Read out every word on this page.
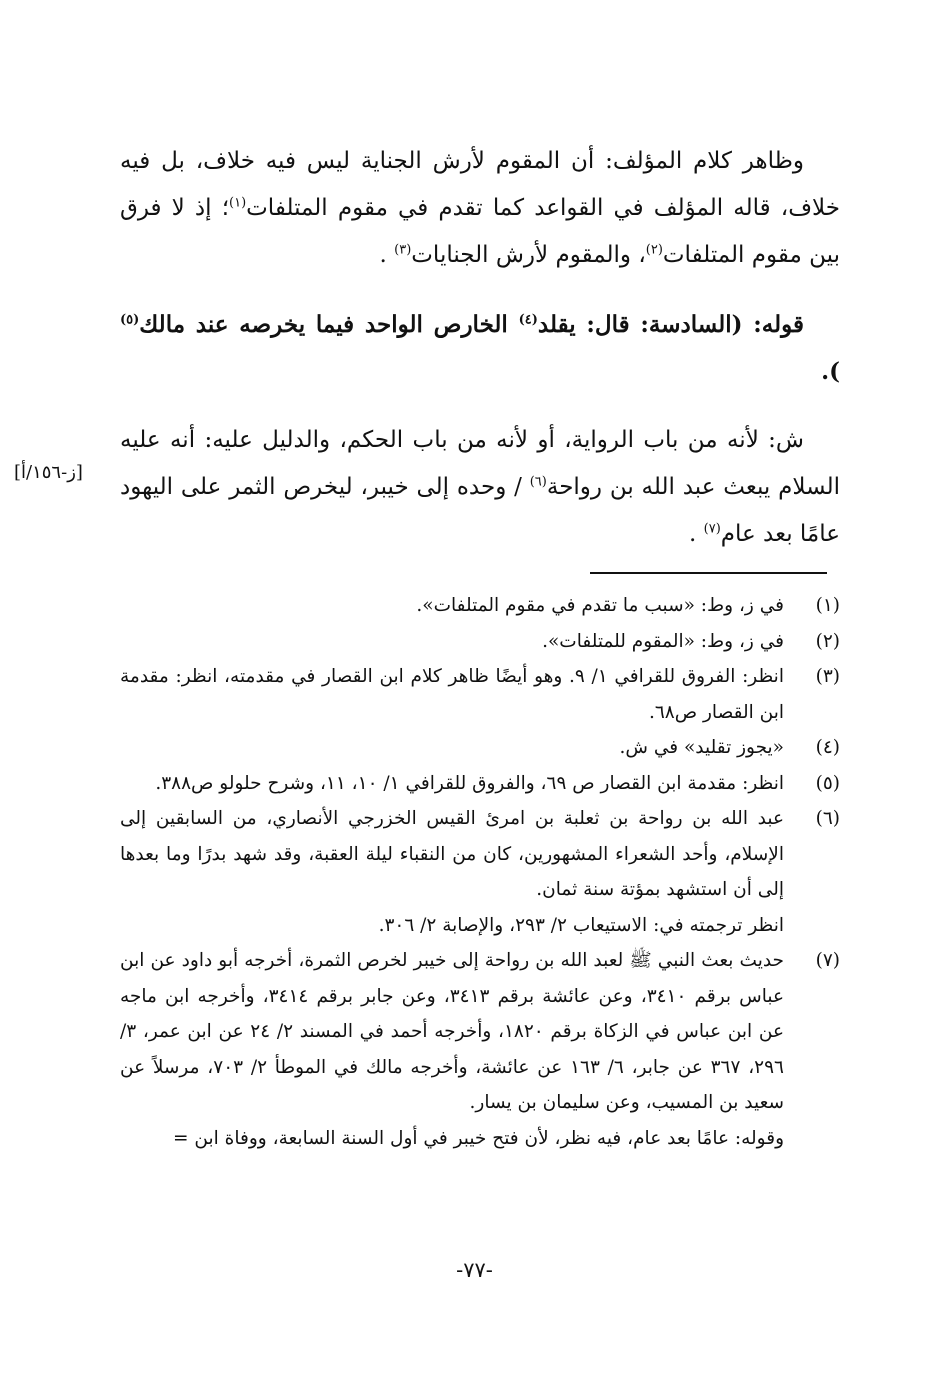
وظاهر كلام المؤلف: أن المقوم لأرش الجناية ليس فيه خلاف، بل فيه خلاف، قاله المؤلف في القواعد كما تقدم في مقوم المتلفات$^{(١)}$؛ إذ لا فرق بين مقوم المتلفات$^{(٢)}$، والمقوم لأرش الجنايات$^{(٣)}$ .

قوله: (السادسة: قال: يقلد$^{(٤)}$ الخارص الواحد فيما يخرصه عند مالك$^{(٥)}$ ).

ش: لأنه من باب الرواية، أو لأنه من باب الحكم، والدليل عليه: أنه عليه السلام يبعث عبد الله بن رواحة$^{(٦)}$ / وحده إلى خيبر، ليخرص الثمر على اليهود عامًا بعد عام$^{(٧)}$ .

[ز-١٥٦/أ]
(١)
في ز، وط: «سبب ما تقدم في مقوم المتلفات».
(٢)
في ز، وط: «المقوم للمتلفات».
(٣)
انظر: الفروق للقرافي ١/ ٩. وهو أيضًا ظاهر كلام ابن القصار في مقدمته، انظر: مقدمة ابن القصار ص٦٨.
(٤)
«يجوز تقليد» في ش.
(٥)
انظر: مقدمة ابن القصار ص ٦٩، والفروق للقرافي ١/ ١٠، ١١، وشرح حلولو ص٣٨٨.
(٦)
عبد الله بن رواحة بن ثعلبة بن امرئ القيس الخزرجي الأنصاري، من السابقين إلى الإسلام، وأحد الشعراء المشهورين، كان من النقباء ليلة العقبة، وقد شهد بدرًا وما بعدها إلى أن استشهد بمؤتة سنة ثمان.
انظر ترجمته في: الاستيعاب ٢/ ٢٩٣، والإصابة ٢/ ٣٠٦.
(٧)
حديث بعث النبي ﷺ لعبد الله بن رواحة إلى خيبر لخرص الثمرة، أخرجه أبو داود عن ابن عباس برقم ٣٤١٠، وعن عائشة برقم ٣٤١٣، وعن جابر برقم ٣٤١٤، وأخرجه ابن ماجه عن ابن عباس في الزكاة برقم ١٨٢٠، وأخرجه أحمد في المسند ٢/ ٢٤ عن ابن عمر، ٣/ ٢٩٦، ٣٦٧ عن جابر، ٦/ ١٦٣ عن عائشة، وأخرجه مالك في الموطأ ٢/ ٧٠٣، مرسلاً عن سعيد بن المسيب، وعن سليمان بن يسار.
وقوله: عامًا بعد عام، فيه نظر، لأن فتح خيبر في أول السنة السابعة، ووفاة ابن =
-٧٧-
